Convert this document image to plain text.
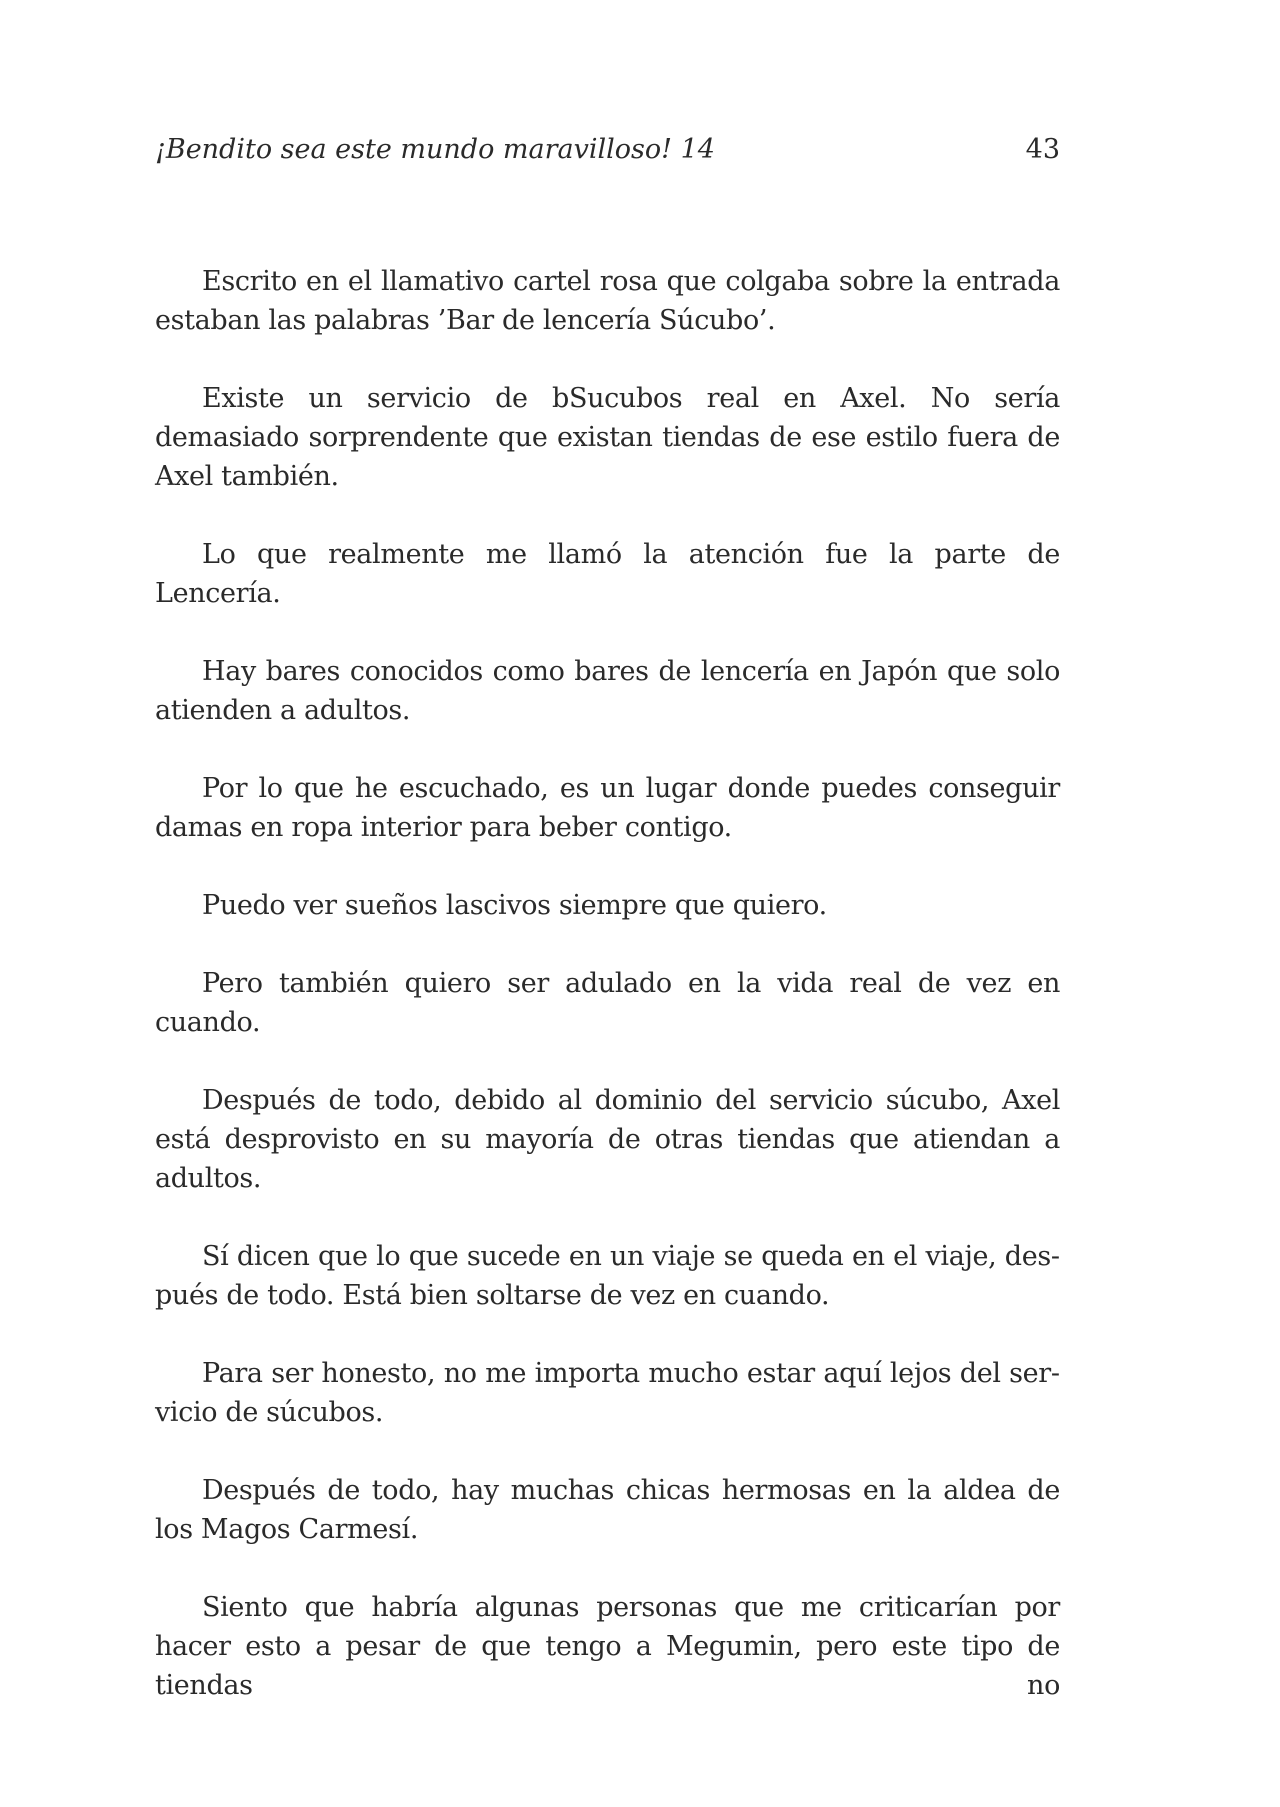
¡Bendito sea este mundo maravilloso! 14	43

Escrito en el llamativo cartel rosa que colgaba sobre la entrada estaban las palabras ’Bar de lencería Súcubo’.

Existe un servicio de bSucubos real en Axel. No sería demasiado sorprendente que existan tiendas de ese estilo fuera de Axel también.

Lo que realmente me llamó la atención fue la parte de Lencería.

Hay bares conocidos como bares de lencería en Japón que solo atienden a adultos.

Por lo que he escuchado, es un lugar donde puedes conseguir damas en ropa interior para beber contigo.

Puedo ver sueños lascivos siempre que quiero.

Pero también quiero ser adulado en la vida real de vez en cuando.

Después de todo, debido al dominio del servicio súcubo, Axel está desprovisto en su mayoría de otras tiendas que atiendan a adultos.

Sí dicen que lo que sucede en un viaje se queda en el viaje, después de todo. Está bien soltarse de vez en cuando.

Para ser honesto, no me importa mucho estar aquí lejos del servicio de súcubos.

Después de todo, hay muchas chicas hermosas en la aldea de los Magos Carmesí.

Siento que habría algunas personas que me criticarían por hacer esto a pesar de que tengo a Megumin, pero este tipo de tiendas no
